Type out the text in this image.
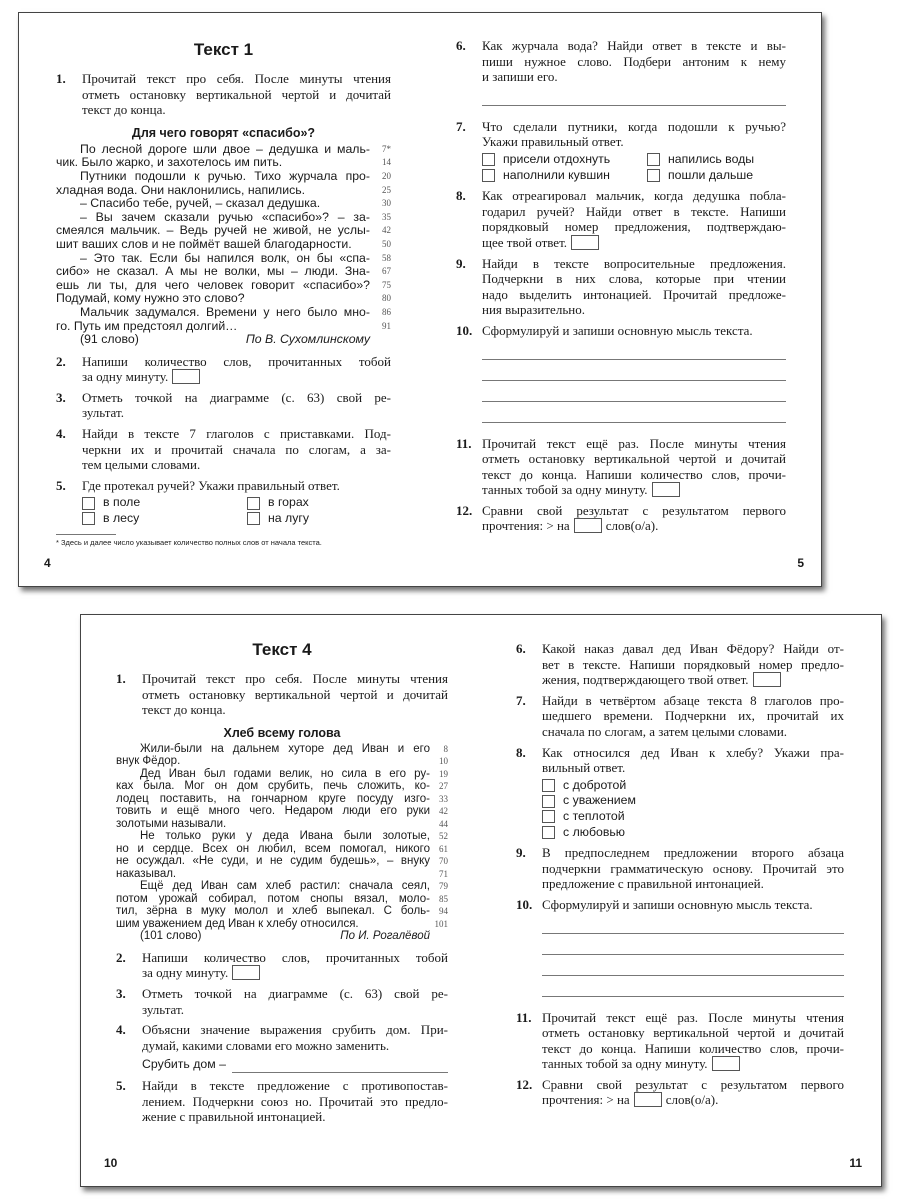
Текст 1
1.	Прочитай текст про себя. После минуты чтения
отметь остановку вертикальной чертой и дочитай
текст до конца.
Для чего говорят «спасибо»?
По лесной дороге шли двое – дедушка и маль-	7*
чик. Было жарко, и захотелось им пить.	14
Путники подошли к ручью. Тихо журчала про-	20
хладная вода. Они наклонились, напились.	25
– Спасибо тебе, ручей, – сказал дедушка.	30
– Вы зачем сказали ручью «спасибо»? – за-	35
смеялся мальчик. – Ведь ручей не живой, не услы-	42
шит ваших слов и не поймёт вашей благодарности.	50
– Это так. Если бы напился волк, он бы «спа-	58
сибо» не сказал. А мы не волки, мы – люди. Зна-	67
ешь ли ты, для чего человек говорит «спасибо»?	75
Подумай, кому нужно это слово?	80
Мальчик задумался. Времени у него было мно-	86
го. Путь им предстоял долгий…	91
(91 слово)	По В. Сухомлинскому
2.	Напиши количество слов, прочитанных тобой
за одну минуту.
3.	Отметь точкой на диаграмме (с. 63) свой ре-
зультат.
4.	Найди в тексте 7 глаголов с приставками. Под-
черкни их и прочитай сначала по слогам, а за-
тем целыми словами.
5.	Где протекал ручей? Укажи правильный ответ.
в поле	в горах
в лесу	на лугу
* Здесь и далее число указывает количество полных слов от начала текста.
4
6.	Как журчала вода? Найди ответ в тексте и вы-
пиши нужное слово. Подбери антоним к нему
и запиши его.
7.	Что сделали путники, когда подошли к ручью?
Укажи правильный ответ.
присели отдохнуть	напились воды
наполнили кувшин	пошли дальше
8.	Как отреагировал мальчик, когда дедушка побла-
годарил ручей? Найди ответ в тексте. Напиши
порядковый номер предложения, подтверждаю-
щее твой ответ.
9.	Найди в тексте вопросительные предложения.
Подчеркни в них слова, которые при чтении
надо выделить интонацией. Прочитай предложе-
ния выразительно.
10. Сформулируй и запиши основную мысль текста.
11. Прочитай текст ещё раз. После минуты чтения
отметь остановку вертикальной чертой и дочитай
текст до конца. Напиши количество слов, прочи-
танных тобой за одну минуту.
12. Сравни свой результат с результатом первого
прочтения: > на	слов(о/а).
5
Текст 4
1.	Прочитай текст про себя. После минуты чтения
отметь остановку вертикальной чертой и дочитай
текст до конца.
Хлеб всему голова
Жили-были на дальнем хуторе дед Иван и его	8
внук Фёдор.	10
Дед Иван был годами велик, но сила в его ру-	19
ках была. Мог он дом срубить, печь сложить, ко-	27
лодец поставить, на гончарном круге посуду изго-	33
товить и ещё много чего. Недаром люди его руки	42
золотыми называли.	44
Не только руки у деда Ивана были золотые,	52
но и сердце. Всех он любил, всем помогал, никого	61
не осуждал. «Не суди, и не судим будешь», – внуку	70
наказывал.	71
Ещё дед Иван сам хлеб растил: сначала сеял,	79
потом урожай собирал, потом снопы вязал, моло-	85
тил, зёрна в муку молол и хлеб выпекал. С боль-	94
шим уважением дед Иван к хлебу относился.	101
(101 слово)	По И. Рогалёвой
2.	Напиши количество слов, прочитанных тобой
за одну минуту.
3.	Отметь точкой на диаграмме (с. 63) свой ре-
зультат.
4.	Объясни значение выражения срубить дом. При-
думай, какими словами его можно заменить.
Срубить дом –
5.	Найди в тексте предложение с противопостав-
лением. Подчеркни союз но. Прочитай это предло-
жение с правильной интонацией.
10
6.	Какой наказ давал дед Иван Фёдору? Найди от-
вет в тексте. Напиши порядковый номер предло-
жения, подтверждающего твой ответ.
7.	Найди в четвёртом абзаце текста 8 глаголов про-
шедшего времени. Подчеркни их, прочитай их
сначала по слогам, а затем целыми словами.
8.	Как относился дед Иван к хлебу? Укажи пра-
вильный ответ.
с добротой
с уважением
с теплотой
с любовью
9.	В предпоследнем предложении второго абзаца
подчеркни грамматическую основу. Прочитай это
предложение с правильной интонацией.
10. Сформулируй и запиши основную мысль текста.
11. Прочитай текст ещё раз. После минуты чтения
отметь остановку вертикальной чертой и дочитай
текст до конца. Напиши количество слов, прочи-
танных тобой за одну минуту.
12. Сравни свой результат с результатом первого
прочтения: > на	слов(о/а).
11
